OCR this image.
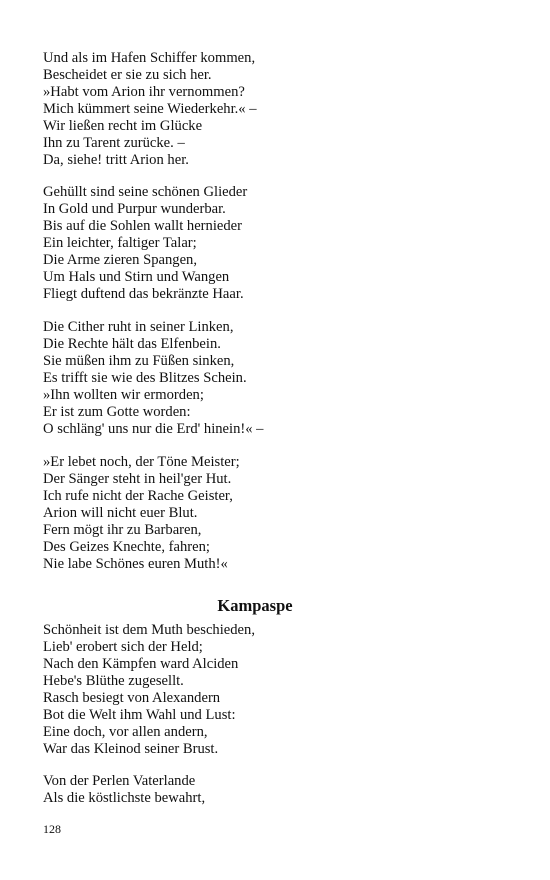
Und als im Hafen Schiffer kommen,
Bescheidet er sie zu sich her.
»Habt vom Arion ihr vernommen?
Mich kümmert seine Wiederkehr.« –
Wir ließen recht im Glücke
Ihn zu Tarent zurücke. –
Da, siehe! tritt Arion her.
Gehüllt sind seine schönen Glieder
In Gold und Purpur wunderbar.
Bis auf die Sohlen wallt hernieder
Ein leichter, faltiger Talar;
Die Arme zieren Spangen,
Um Hals und Stirn und Wangen
Fliegt duftend das bekränzte Haar.
Die Cither ruht in seiner Linken,
Die Rechte hält das Elfenbein.
Sie müßen ihm zu Füßen sinken,
Es trifft sie wie des Blitzes Schein.
»Ihn wollten wir ermorden;
Er ist zum Gotte worden:
O schläng' uns nur die Erd' hinein!« –
»Er lebet noch, der Töne Meister;
Der Sänger steht in heil'ger Hut.
Ich rufe nicht der Rache Geister,
Arion will nicht euer Blut.
Fern mögt ihr zu Barbaren,
Des Geizes Knechte, fahren;
Nie labe Schönes euren Muth!«
Kampaspe
Schönheit ist dem Muth beschieden,
Lieb' erobert sich der Held;
Nach den Kämpfen ward Alciden
Hebe's Blüthe zugesellt.
Rasch besiegt von Alexandern
Bot die Welt ihm Wahl und Lust:
Eine doch, vor allen andern,
War das Kleinod seiner Brust.
Von der Perlen Vaterlande
Als die köstlichste bewahrt,
128
